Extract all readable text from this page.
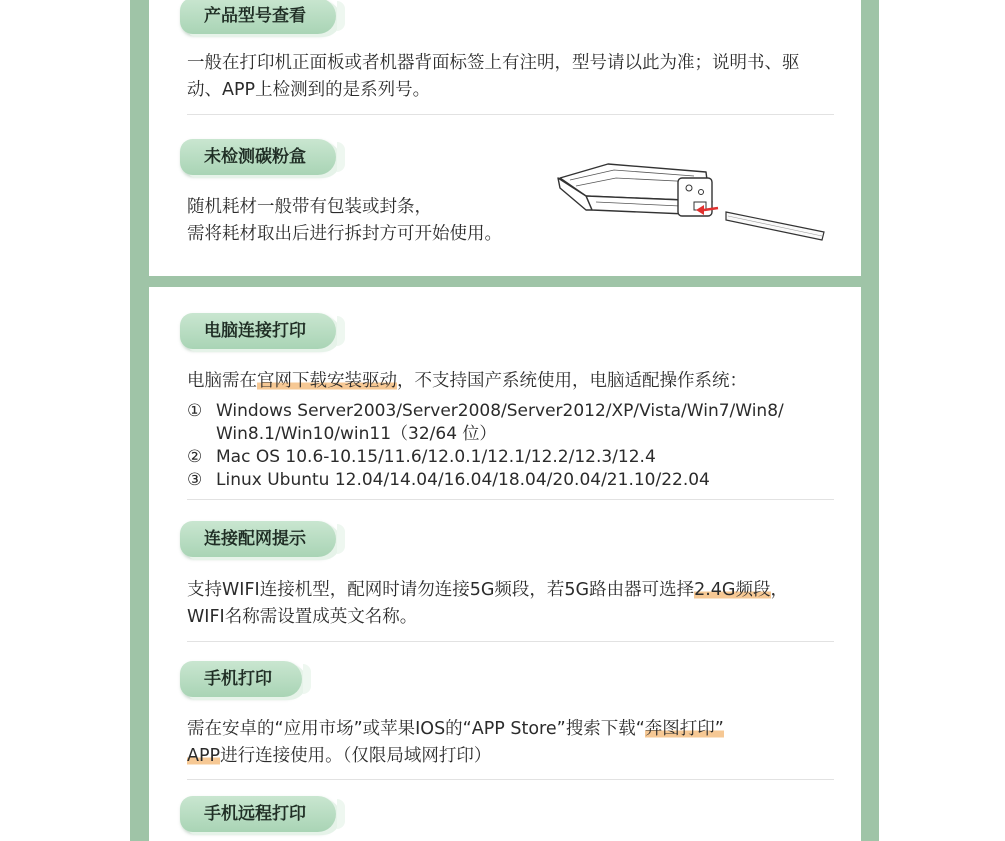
产品型号查看
一般在打印机正面板或者机器背面标签上有注明，型号请以此为准；说明书、驱
动、APP上检测到的是系列号。
未检测碳粉盒
随机耗材一般带有包装或封条，
需将耗材取出后进行拆封方可开始使用。
电脑连接打印
电脑需在官网下载安装驱动，不支持国产系统使用，电脑适配操作系统：
① Windows Server2003/Server2008/Server2012/XP/Vista/Win7/Win8/
Win8.1/Win10/win11（32/64 位）
② Mac OS 10.6-10.15/11.6/12.0.1/12.1/12.2/12.3/12.4
③ Linux Ubuntu 12.04/14.04/16.04/18.04/20.04/21.10/22.04
连接配网提示
支持WIFI连接机型，配网时请勿连接5G频段，若5G路由器可选择2.4G频段，
WIFI名称需设置成英文名称。
手机打印
需在安卓的“应用市场”或苹果IOS的“APP Store”搜索下载“奔图打印”
APP进行连接使用。（仅限局域网打印）
手机远程打印
